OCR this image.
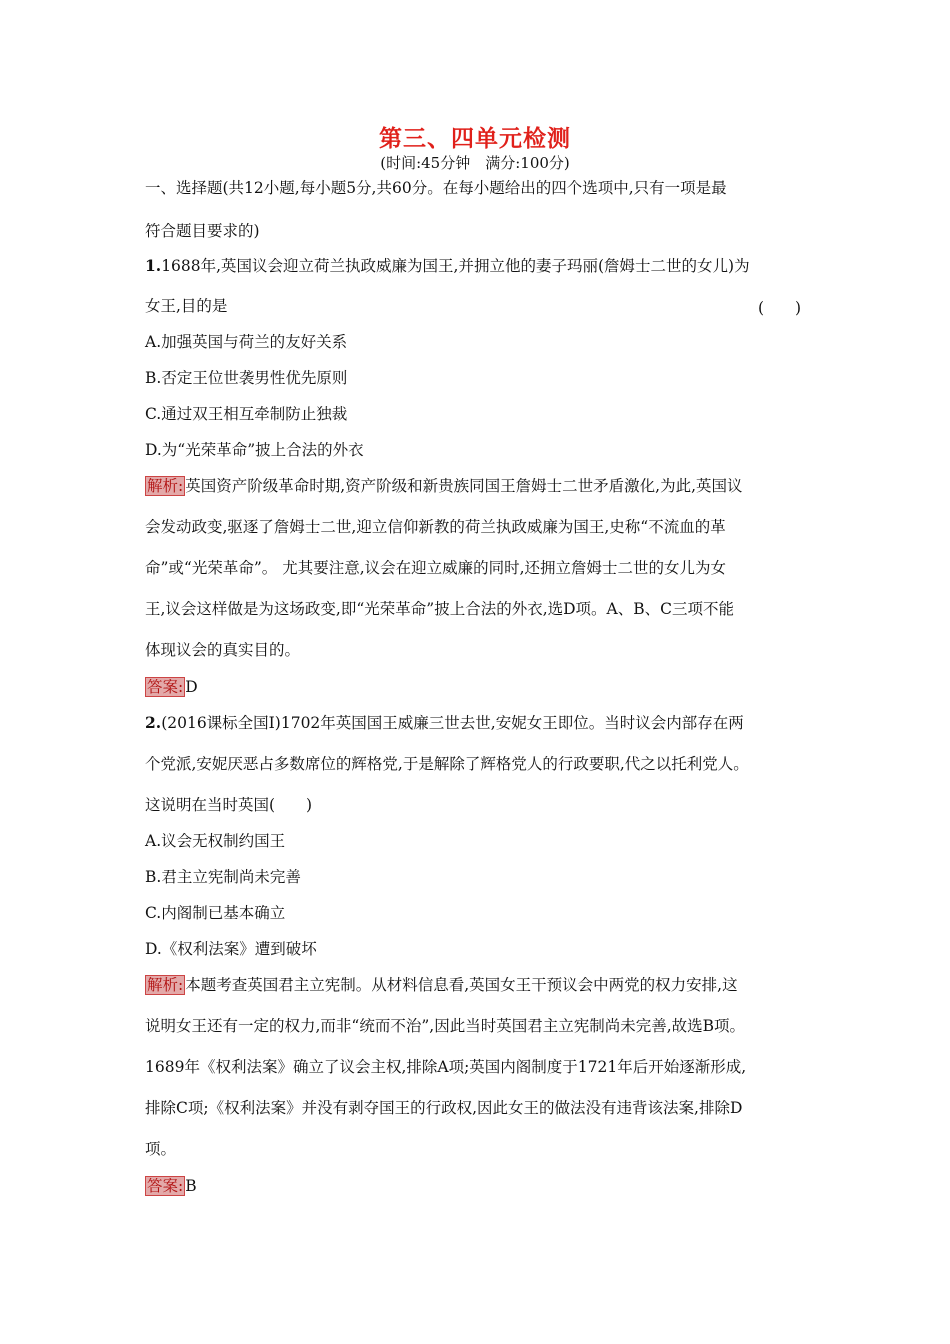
第三、四单元检测
(时间:45分钟　满分:100分)
一、选择题(共12小题,每小题5分,共60分。在每小题给出的四个选项中,只有一项是最
符合题目要求的)
1.1688年,英国议会迎立荷兰执政威廉为国王,并拥立他的妻子玛丽(詹姆士二世的女儿)为
女王,目的是	(　　)
A.加强英国与荷兰的友好关系
B.否定王位世袭男性优先原则
C.通过双王相互牵制防止独裁
D.为“光荣革命”披上合法的外衣
解析: 英国资产阶级革命时期,资产阶级和新贵族同国王詹姆士二世矛盾激化,为此,英国议
会发动政变,驱逐了詹姆士二世,迎立信仰新教的荷兰执政威廉为国王,史称“不流血的革
命”或“光荣革命”。 尤其要注意,议会在迎立威廉的同时,还拥立詹姆士二世的女儿为女
王,议会这样做是为这场政变,即“光荣革命”披上合法的外衣,选D项。A、B、C三项不能
体现议会的真实目的。
答案: D
2.(2016课标全国Ⅰ)1702年英国国王威廉三世去世,安妮女王即位。当时议会内部存在两
个党派,安妮厌恶占多数席位的辉格党,于是解除了辉格党人的行政要职,代之以托利党人。
这说明在当时英国(　　)
A.议会无权制约国王
B.君主立宪制尚未完善
C.内阁制已基本确立
D.《权利法案》遭到破坏
解析: 本题考查英国君主立宪制。从材料信息看,英国女王干预议会中两党的权力安排,这
说明女王还有一定的权力,而非“统而不治”,因此当时英国君主立宪制尚未完善,故选B项。
1689年《权利法案》确立了议会主权,排除A项;英国内阁制度于1721年后开始逐渐形成,
排除C项;《权利法案》并没有剥夺国王的行政权,因此女王的做法没有违背该法案,排除D
项。
答案: B
